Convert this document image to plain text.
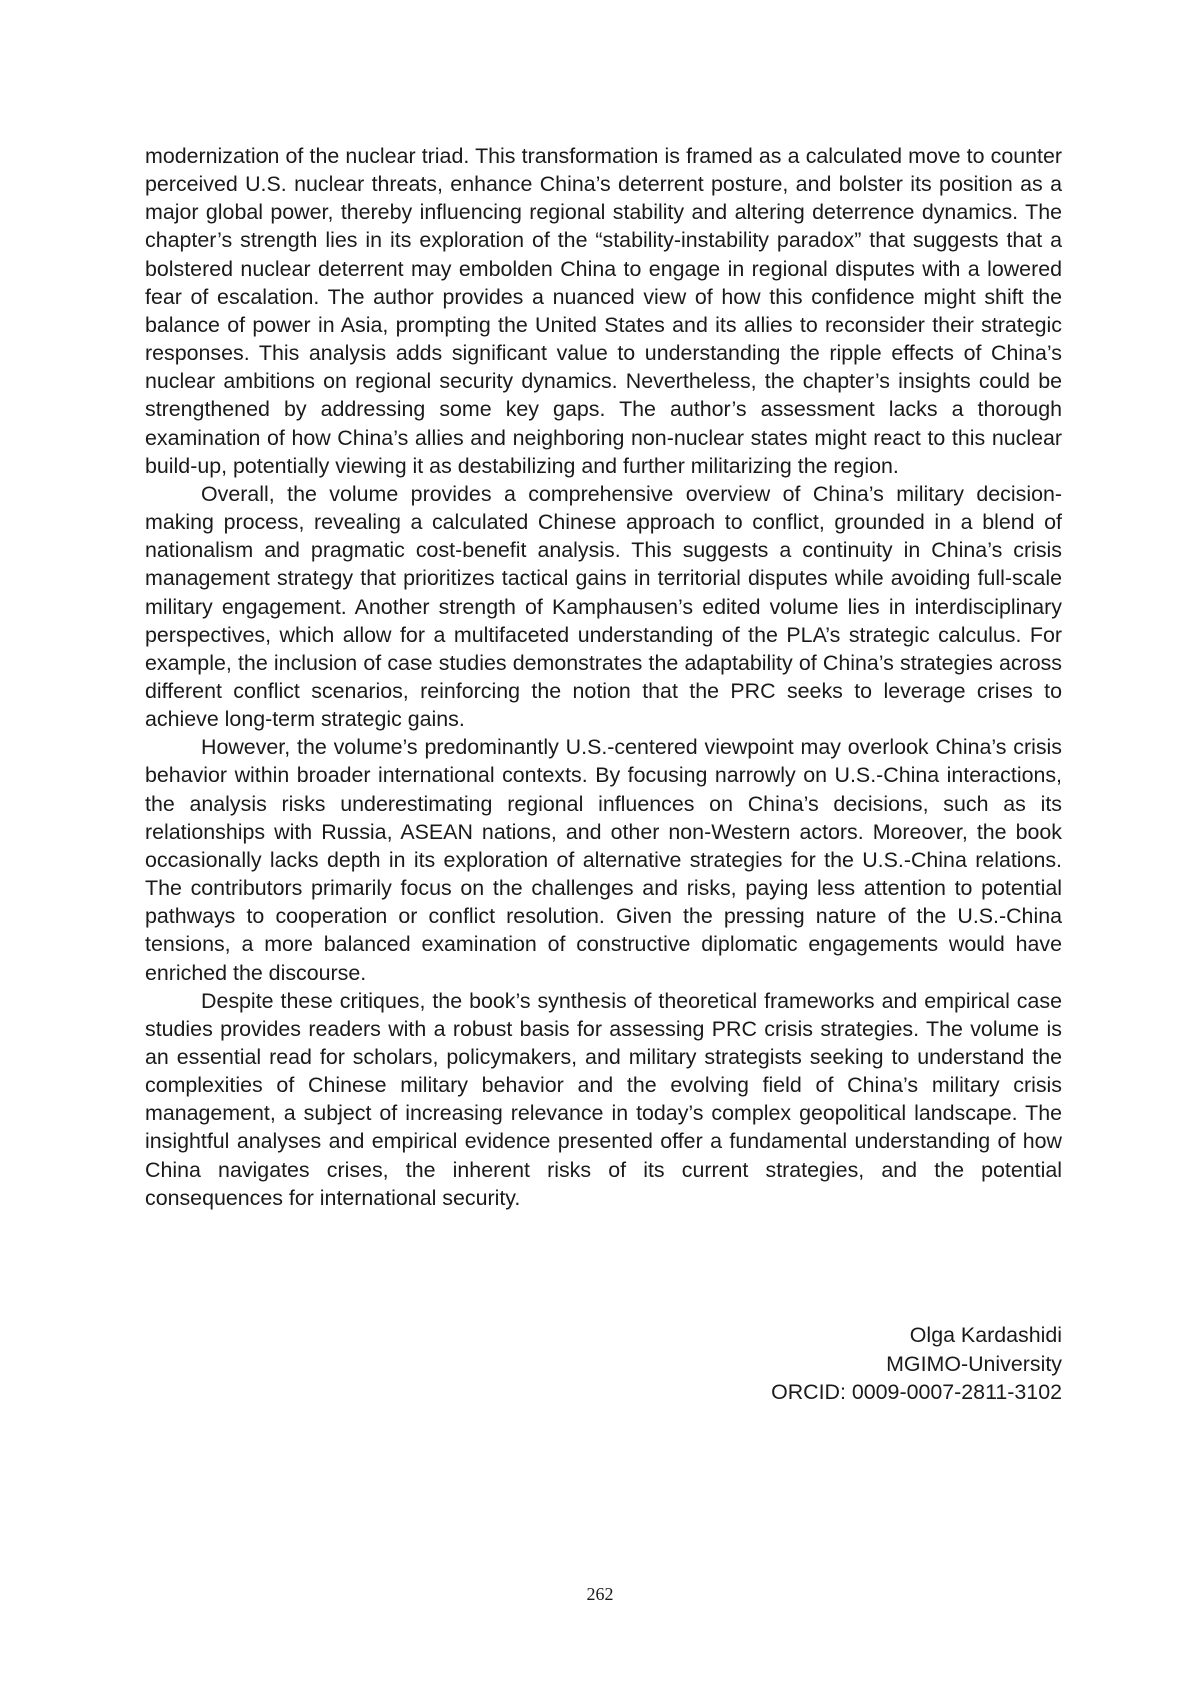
modernization of the nuclear triad. This transformation is framed as a calculated move to counter perceived U.S. nuclear threats, enhance China’s deterrent posture, and bolster its position as a major global power, thereby influencing regional stability and altering deterrence dynamics. The chapter’s strength lies in its exploration of the “stability-instability paradox” that suggests that a bolstered nuclear deterrent may embolden China to engage in regional disputes with a lowered fear of escalation. The author provides a nuanced view of how this confidence might shift the balance of power in Asia, prompting the United States and its allies to reconsider their strategic responses. This analysis adds significant value to understanding the ripple effects of China’s nuclear ambitions on regional security dynamics. Nevertheless, the chapter’s insights could be strengthened by addressing some key gaps. The author’s assessment lacks a thorough examination of how China’s allies and neighboring non-nuclear states might react to this nuclear build-up, potentially viewing it as destabilizing and further militarizing the region.

Overall, the volume provides a comprehensive overview of China’s military decision-making process, revealing a calculated Chinese approach to conflict, grounded in a blend of nationalism and pragmatic cost-benefit analysis. This suggests a continuity in China’s crisis management strategy that prioritizes tactical gains in territorial disputes while avoiding full-scale military engagement. Another strength of Kamphausen’s edited volume lies in interdisciplinary perspectives, which allow for a multifaceted understanding of the PLA’s strategic calculus. For example, the inclusion of case studies demonstrates the adaptability of China’s strategies across different conflict scenarios, reinforcing the notion that the PRC seeks to leverage crises to achieve long-term strategic gains.

However, the volume’s predominantly U.S.-centered viewpoint may overlook China’s crisis behavior within broader international contexts. By focusing narrowly on U.S.-China interactions, the analysis risks underestimating regional influences on China’s decisions, such as its relationships with Russia, ASEAN nations, and other non-Western actors. Moreover, the book occasionally lacks depth in its exploration of alternative strategies for the U.S.-China relations. The contributors primarily focus on the challenges and risks, paying less attention to potential pathways to cooperation or conflict resolution. Given the pressing nature of the U.S.-China tensions, a more balanced examination of constructive diplomatic engagements would have enriched the discourse.

Despite these critiques, the book’s synthesis of theoretical frameworks and empirical case studies provides readers with a robust basis for assessing PRC crisis strategies. The volume is an essential read for scholars, policymakers, and military strategists seeking to understand the complexities of Chinese military behavior and the evolving field of China’s military crisis management, a subject of increasing relevance in today’s complex geopolitical landscape. The insightful analyses and empirical evidence presented offer a fundamental understanding of how China navigates crises, the inherent risks of its current strategies, and the potential consequences for international security.

Olga Kardashidi
MGIMO-University
ORCID: 0009-0007-2811-3102
262
